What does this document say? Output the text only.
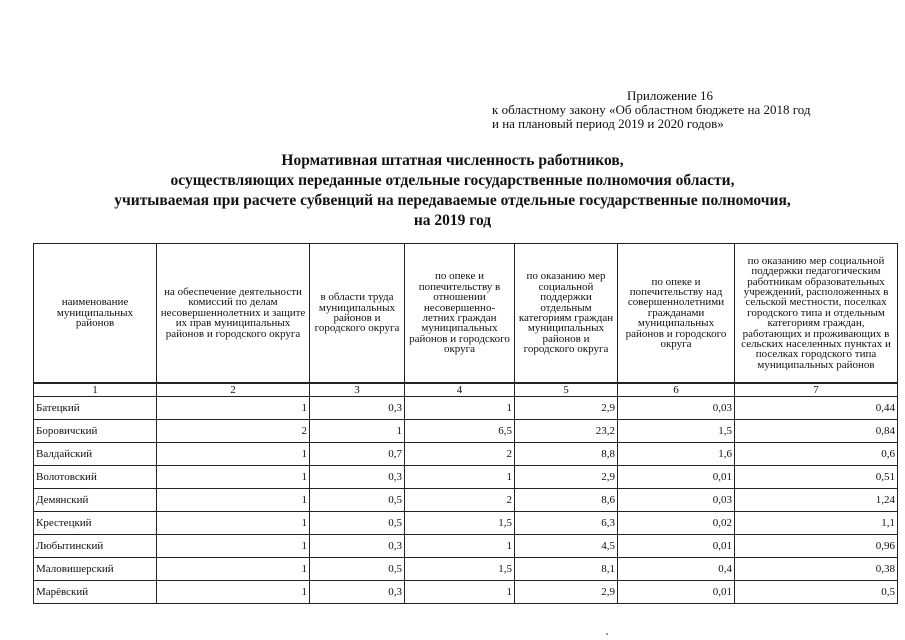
Приложение 16
к областному закону «Об областном бюджете на 2018 год
и на плановый период 2019 и 2020 годов»
Нормативная штатная численность работников,
осуществляющих переданные отдельные государственные полномочия области,
учитываемая при расчете субвенций на передаваемые отдельные государственные полномочия,
на 2019 год
наименование муниципальных районов	на обеспечение деятельности комиссий по делам несовершеннолетних и защите их прав муниципальных районов и городского округа	в области труда муниципальных районов и городского округа	по опеке и попечительству в отношении несовершенно-летних граждан муниципальных районов и городского округа	по оказанию мер социальной поддержки отдельным категориям граждан муниципальных районов и городского округа	по опеке и попечительству над совершеннолетними гражданами муниципальных районов и городского округа	по оказанию мер социальной поддержки педагогическим работникам образовательных учреждений, расположенных в сельской местности, поселках городского типа и отдельным категориям граждан, работающих и проживающих в сельских населенных пунктах и поселках городского типа муниципальных районов
1	2	3	4	5	6	7
Батецкий	1	0,3	1	2,9	0,03	0,44
Боровичский	2	1	6,5	23,2	1,5	0,84
Валдайский	1	0,7	2	8,8	1,6	0,6
Волотовский	1	0,3	1	2,9	0,01	0,51
Демянский	1	0,5	2	8,6	0,03	1,24
Крестецкий	1	0,5	1,5	6,3	0,02	1,1
Любытинский	1	0,3	1	4,5	0,01	0,96
Маловишерский	1	0,5	1,5	8,1	0,4	0,38
Марёвский	1	0,3	1	2,9	0,01	0,5
